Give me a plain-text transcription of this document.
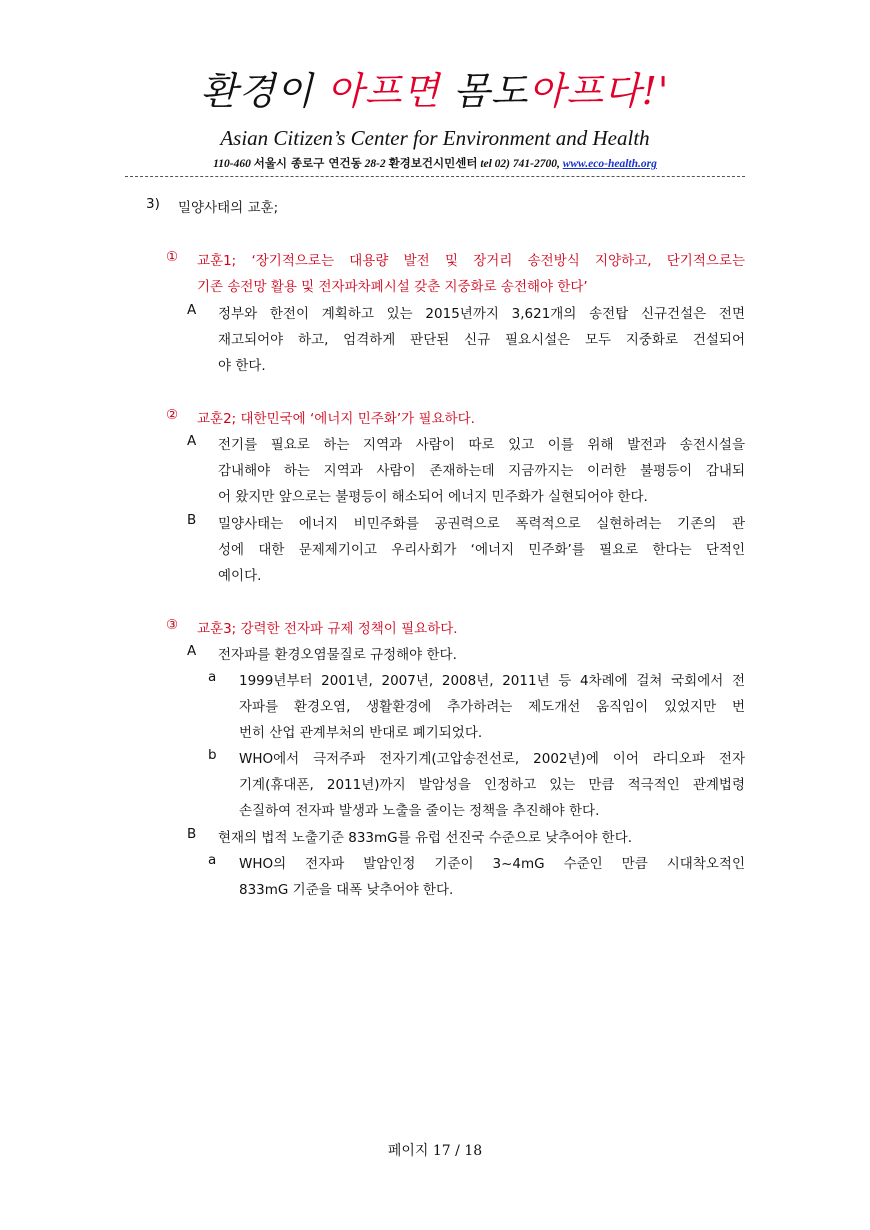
환경이 아프면 몸도아프다!'
Asian Citizen’s Center for Environment and Health
110-460 서울시 종로구 연건동 28-2 환경보건시민센터 tel 02) 741-2700, www.eco-health.org
3) 밀양사태의 교훈;
① 교훈1; ‘장기적으로는 대용량 발전 및 장거리 송전방식 지양하고, 단기적으로는
기존 송전망 활용 및 전자파차폐시설 갖춘 지중화로 송전해야 한다’
A 정부와 한전이 계획하고 있는 2015년까지 3,621개의 송전탑 신규건설은 전면
재고되어야 하고, 엄격하게 판단된 신규 필요시설은 모두 지중화로 건설되어
야 한다.
② 교훈2; 대한민국에 ‘에너지 민주화’가 필요하다.
A 전기를 필요로 하는 지역과 사람이 따로 있고 이를 위해 발전과 송전시설을
감내해야 하는 지역과 사람이 존재하는데 지금까지는 이러한 불평등이 감내되
어 왔지만 앞으로는 불평등이 해소되어 에너지 민주화가 실현되어야 한다.
B 밀양사태는 에너지 비민주화를 공권력으로 폭력적으로 실현하려는 기존의 관
성에 대한 문제제기이고 우리사회가 ‘에너지 민주화’를 필요로 한다는 단적인
예이다.
③ 교훈3; 강력한 전자파 규제 정책이 필요하다.
A 전자파를 환경오염물질로 규정해야 한다.
a 1999년부터 2001년, 2007년, 2008년, 2011년 등 4차례에 걸쳐 국회에서 전
자파를 환경오염, 생활환경에 추가하려는 제도개선 움직임이 있었지만 번
번히 산업 관계부처의 반대로 폐기되었다.
b WHO에서 극저주파 전자기계(고압송전선로, 2002년)에 이어 라디오파 전자
기계(휴대폰, 2011년)까지 발암성을 인정하고 있는 만큼 적극적인 관계법령
손질하여 전자파 발생과 노출을 줄이는 정책을 추진해야 한다.
B 현재의 법적 노출기준 833mG를 유럽 선진국 수준으로 낮추어야 한다.
a WHO의 전자파 발암인정 기준이 3~4mG 수준인 만큼 시대착오적인
833mG 기준을 대폭 낮추어야 한다.
페이지 17 / 18
